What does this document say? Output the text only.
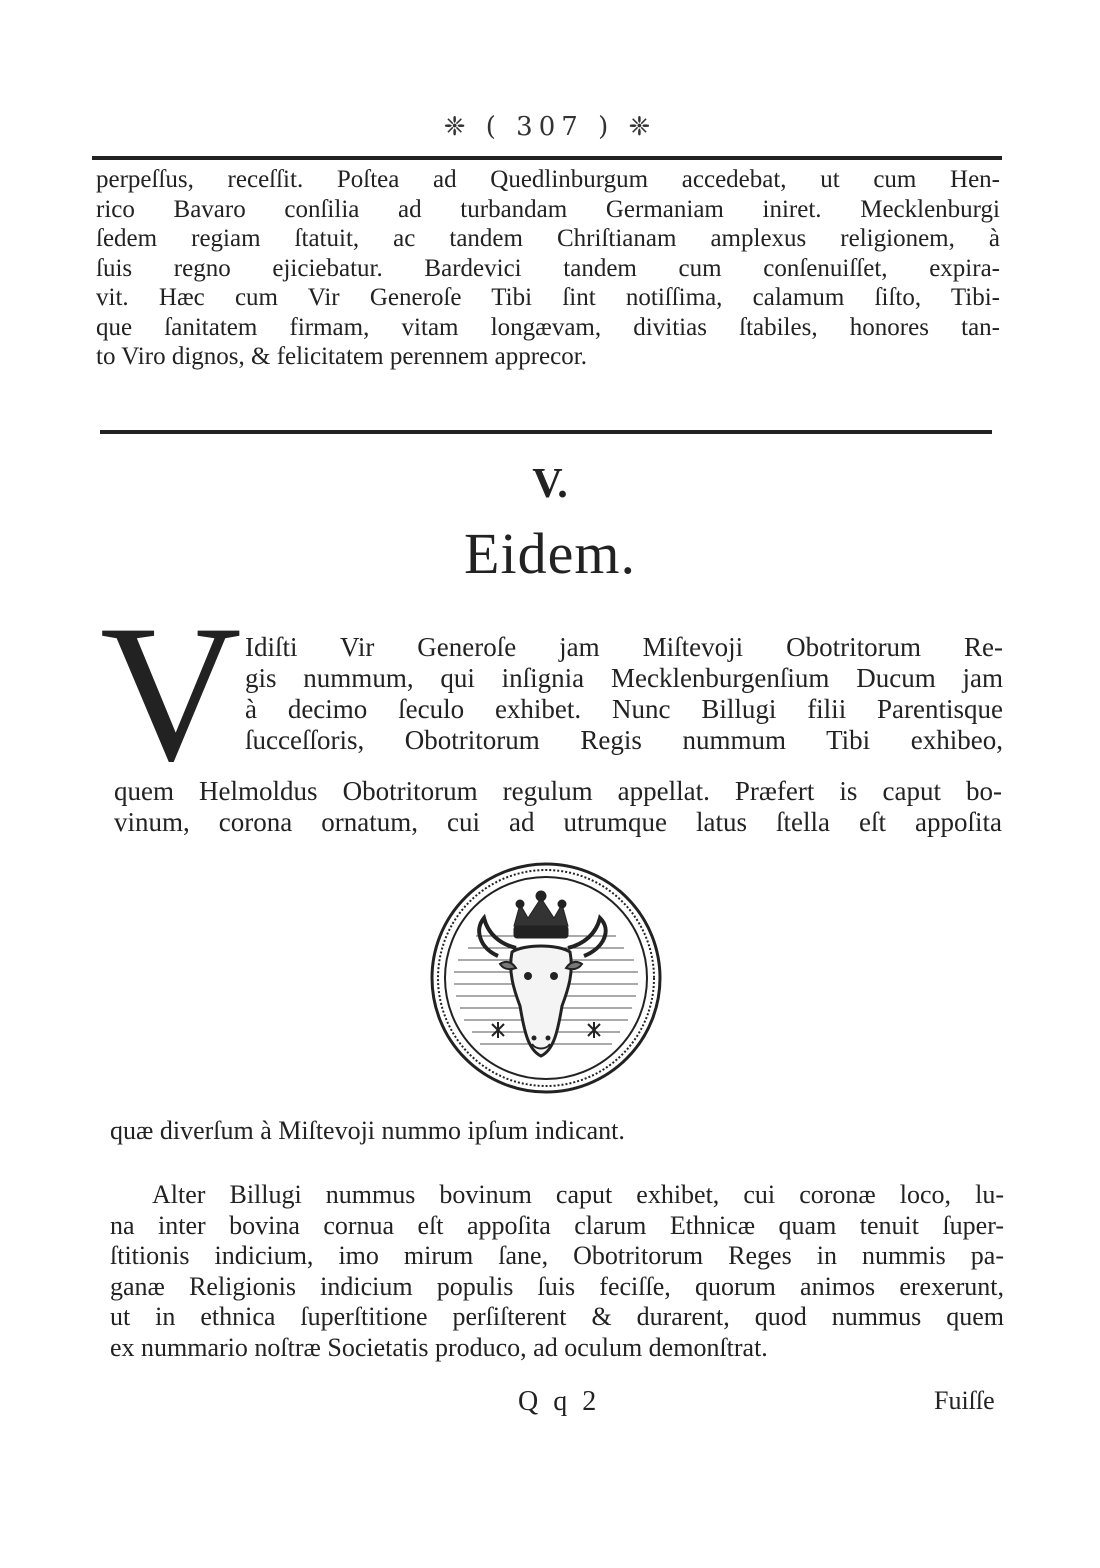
❈ ( 307 ) ❈

perpeſſus, receſſit. Poſtea ad Quedlinburgum accedebat, ut cum Hen-
rico Bavaro conſilia ad turbandam Germaniam iniret. Mecklenburgi
ſedem regiam ſtatuit, ac tandem Chriſtianam amplexus religionem, à
ſuis regno ejiciebatur. Bardevici tandem cum conſenuiſſet, expira-
vit. Hæc cum Vir Generoſe Tibi ſint notiſſima, calamum ſiſto, Tibi-
que ſanitatem firmam, vitam longævam, divitias ſtabiles, honores tan-
to Viro dignos, & felicitatem perennem apprecor.

V.
Eidem.
V Idiſti Vir Generoſe jam Miſtevoji Obotritorum Re-
gis nummum, qui inſignia Mecklenburgenſium Ducum jam
à decimo ſeculo exhibet. Nunc Billugi filii Parentisque
ſucceſſoris, Obotritorum Regis nummum Tibi exhibeo,

quem Helmoldus Obotritorum regulum appellat. Præfert is caput bo-
vinum, corona ornatum, cui ad utrumque latus ſtella eſt appoſita

quæ diverſum à Miſtevoji nummo ipſum indicant.

Alter Billugi nummus bovinum caput exhibet, cui coronæ loco, lu-
na inter bovina cornua eſt appoſita clarum Ethnicæ quam tenuit ſuper-
ſtitionis indicium, imo mirum ſane, Obotritorum Reges in nummis pa-
ganæ Religionis indicium populis ſuis feciſſe, quorum animos erexerunt,
ut in ethnica ſuperſtitione perſiſterent & durarent, quod nummus quem
ex nummario noſtræ Societatis produco, ad oculum demonſtrat.

Q q 2	Fuiſſe
